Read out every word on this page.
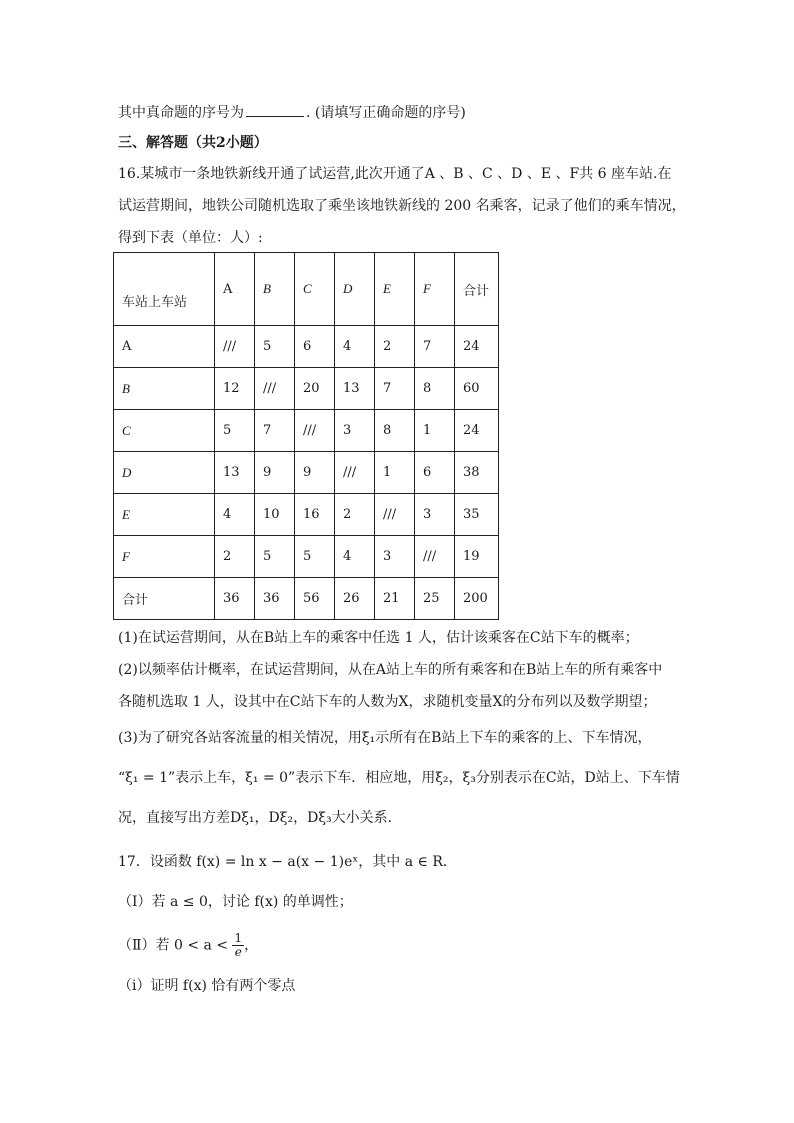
其中真命题的序号为	. (请填写正确命题的序号)
三、解答题（共2小题）
16.某城市一条地铁新线开通了试运营,此次开通了A 、B 、C 、D 、E 、F共 6 座车站.在
试运营期间，地铁公司随机选取了乘坐该地铁新线的 200 名乘客，记录了他们的乘车情况，
得到下表（单位：人）:
车站上车站	A	B	C	D	E	F	合计
A	///	5	6	4	2	7	24
B	12	///	20	13	7	8	60
C	5	7	///	3	8	1	24
D	13	9	9	///	1	6	38
E	4	10	16	2	///	3	35
F	2	5	5	4	3	///	19
合计	36	36	56	26	21	25	200
(1)在试运营期间，从在B站上车的乘客中任选 1 人，估计该乘客在C站下车的概率；
(2)以频率估计概率，在试运营期间，从在A站上车的所有乘客和在B站上车的所有乘客中
各随机选取 1 人，设其中在C站下车的人数为X，求随机变量X的分布列以及数学期望；
(3)为了研究各站客流量的相关情况，用ξ₁示所有在B站上下车的乘客的上、下车情况，
“ξ₁ = 1”表示上车，ξ₁ = 0”表示下车．相应地，用ξ₂，ξ₃分别表示在C站，D站上、下车情
况，直接写出方差Dξ₁，Dξ₂，Dξ₃大小关系．
17．设函数 f(x) = ln x − a(x − 1)eˣ，其中 a ∈ R．
（Ⅰ）若 a ≤ 0，讨论 f(x) 的单调性；
（Ⅱ）若 $0 < a < \frac{1}{e}$ ，
（i）证明 f(x) 恰有两个零点
